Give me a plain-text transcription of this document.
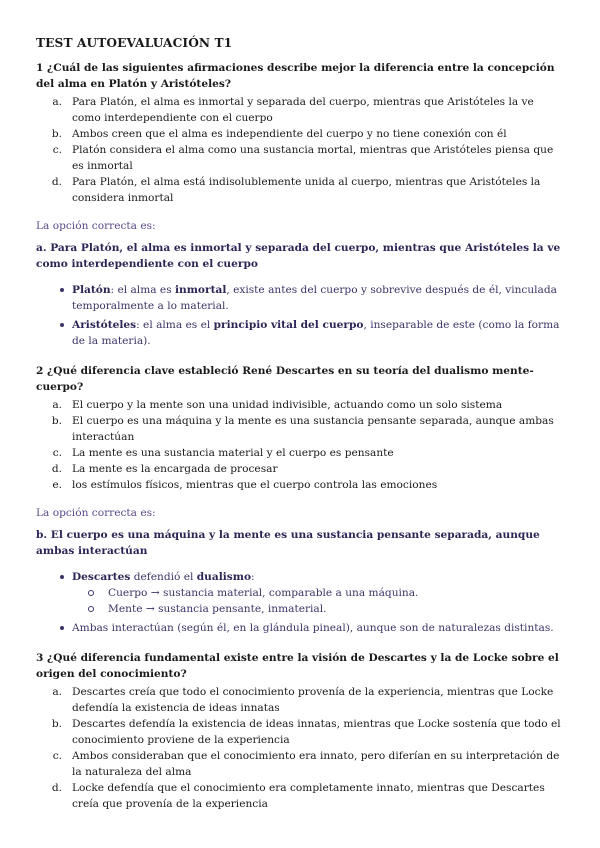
TEST AUTOEVALUACIÓN T1
1 ¿Cuál de las siguientes afirmaciones describe mejor la diferencia entre la concepción del alma en Platón y Aristóteles?
a. Para Platón, el alma es inmortal y separada del cuerpo, mientras que Aristóteles la ve como interdependiente con el cuerpo
b. Ambos creen que el alma es independiente del cuerpo y no tiene conexión con él
c. Platón considera el alma como una sustancia mortal, mientras que Aristóteles piensa que es inmortal
d. Para Platón, el alma está indisolublemente unida al cuerpo, mientras que Aristóteles la considera inmortal
La opción correcta es:
a. Para Platón, el alma es inmortal y separada del cuerpo, mientras que Aristóteles la ve como interdependiente con el cuerpo
Platón: el alma es inmortal, existe antes del cuerpo y sobrevive después de él, vinculada temporalmente a lo material.
Aristóteles: el alma es el principio vital del cuerpo, inseparable de este (como la forma de la materia).
2 ¿Qué diferencia clave estableció René Descartes en su teoría del dualismo mente-cuerpo?
a. El cuerpo y la mente son una unidad indivisible, actuando como un solo sistema
b. El cuerpo es una máquina y la mente es una sustancia pensante separada, aunque ambas interactúan
c. La mente es una sustancia material y el cuerpo es pensante
d. La mente es la encargada de procesar
e. los estímulos físicos, mientras que el cuerpo controla las emociones
La opción correcta es:
b. El cuerpo es una máquina y la mente es una sustancia pensante separada, aunque ambas interactúan
Descartes defendió el dualismo:
Cuerpo → sustancia material, comparable a una máquina.
Mente → sustancia pensante, inmaterial.
Ambas interactúan (según él, en la glándula pineal), aunque son de naturalezas distintas.
3 ¿Qué diferencia fundamental existe entre la visión de Descartes y la de Locke sobre el origen del conocimiento?
a. Descartes creía que todo el conocimiento provenía de la experiencia, mientras que Locke defendía la existencia de ideas innatas
b. Descartes defendía la existencia de ideas innatas, mientras que Locke sostenía que todo el conocimiento proviene de la experiencia
c. Ambos consideraban que el conocimiento era innato, pero diferían en su interpretación de la naturaleza del alma
d. Locke defendía que el conocimiento era completamente innato, mientras que Descartes creía que provenía de la experiencia
